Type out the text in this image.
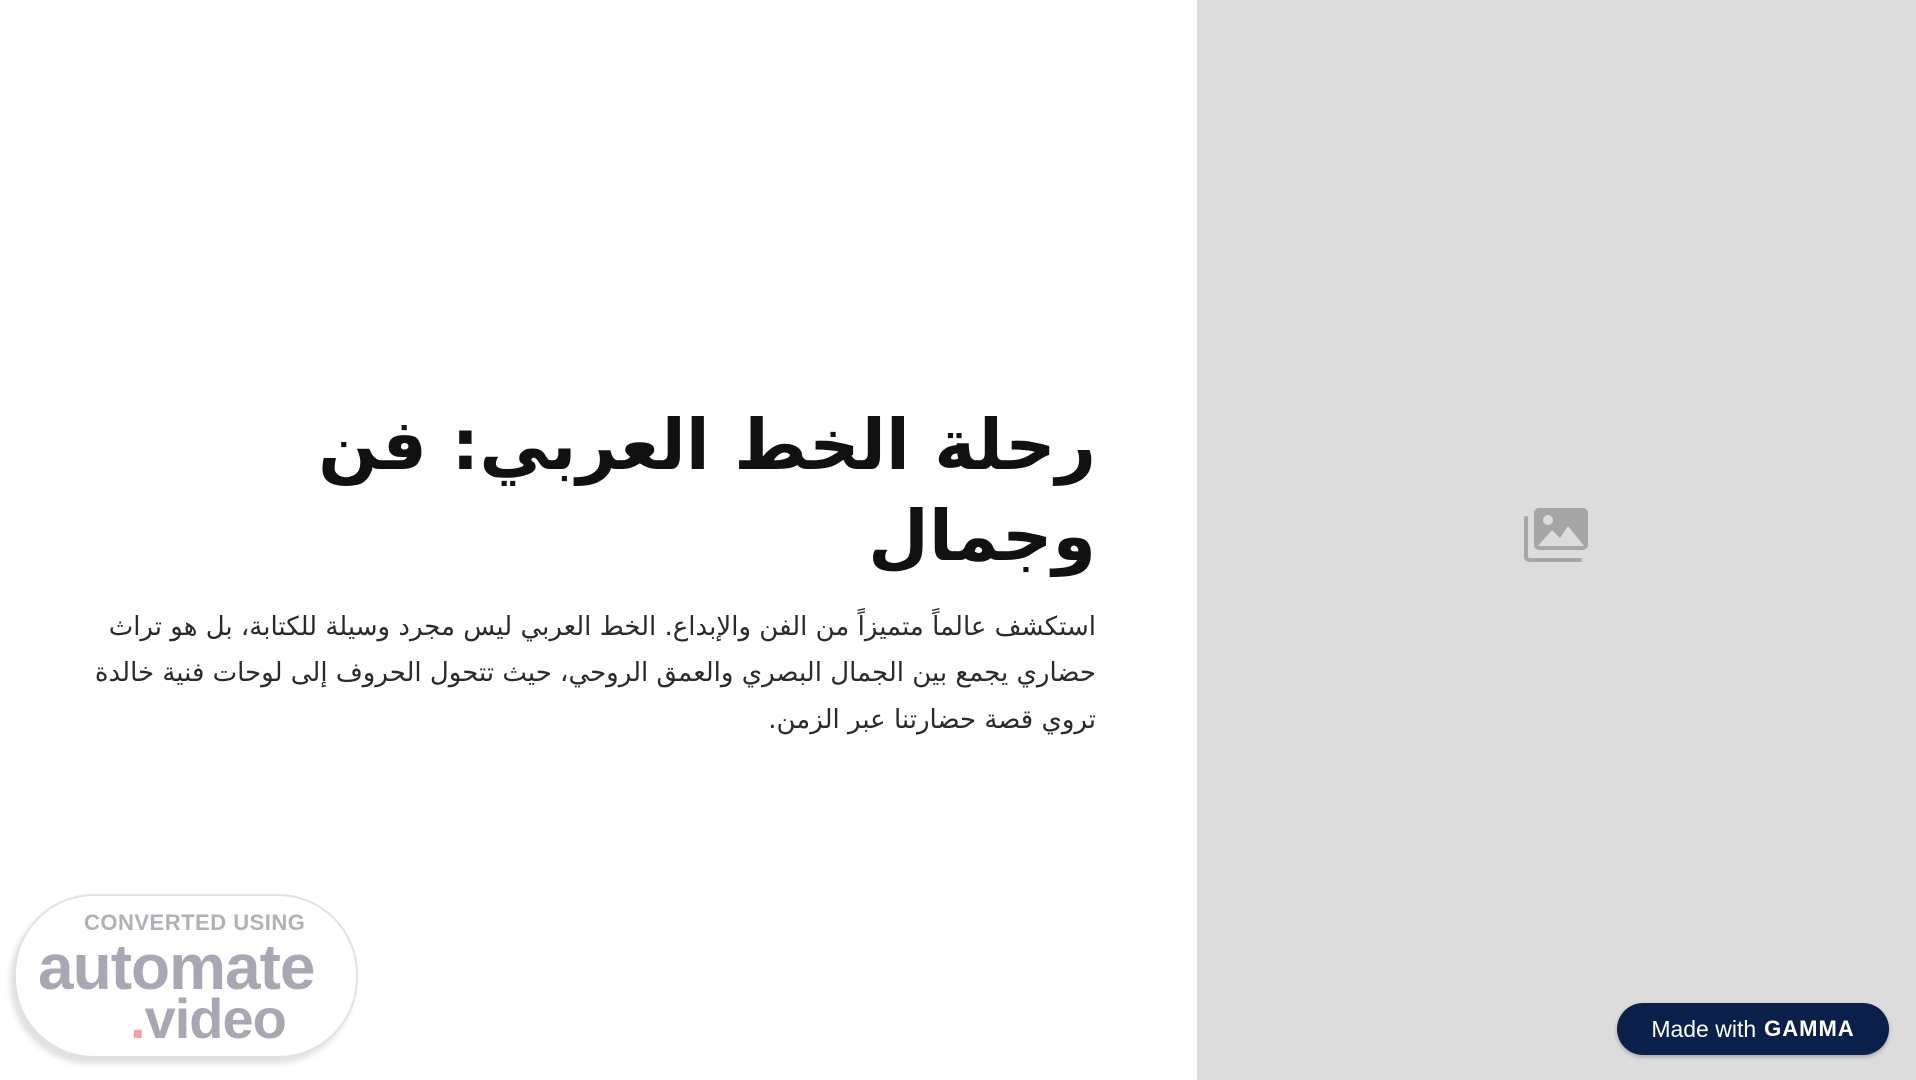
رحلة الخط العربي: فن وجمال

استكشف عالماً متميزاً من الفن والإبداع. الخط العربي ليس مجرد وسيلة للكتابة، بل هو تراث حضاري يجمع بين الجمال البصري والعمق الروحي، حيث تتحول الحروف إلى لوحات فنية خالدة تروي قصة حضارتنا عبر الزمن.

CONVERTED USING
automate
.video	Made with GAMMA
